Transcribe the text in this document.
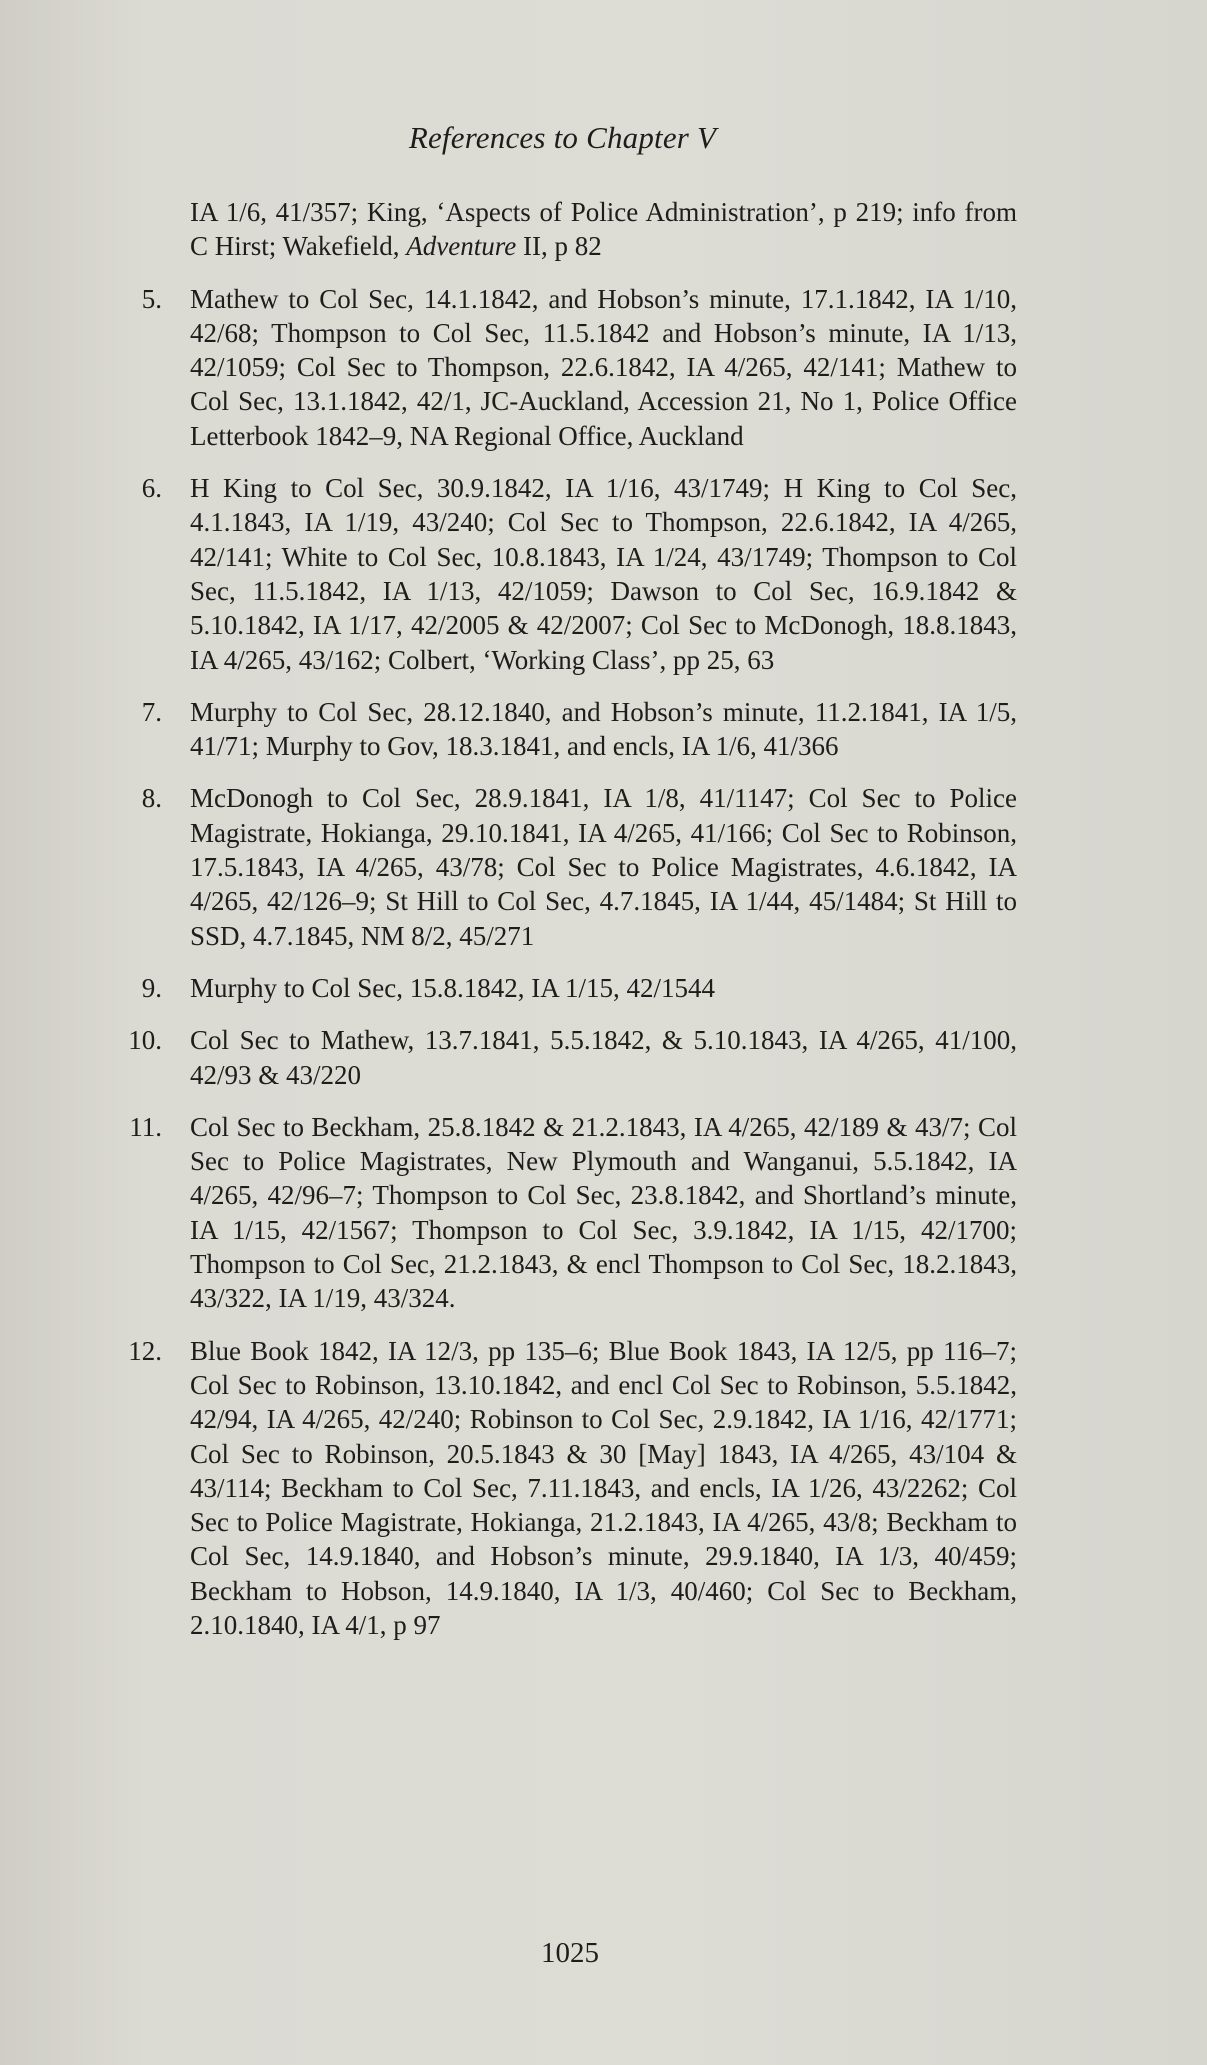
References to Chapter V
IA 1/6, 41/357; King, ‘Aspects of Police Administration’, p 219; info from C Hirst; Wakefield, Adventure II, p 82
5. Mathew to Col Sec, 14.1.1842, and Hobson’s minute, 17.1.1842, IA 1/10, 42/68; Thompson to Col Sec, 11.5.1842 and Hobson’s minute, IA 1/13, 42/1059; Col Sec to Thompson, 22.6.1842, IA 4/265, 42/141; Mathew to Col Sec, 13.1.1842, 42/1, JC-Auckland, Accession 21, No 1, Police Office Letterbook 1842–9, NA Regional Office, Auckland
6. H King to Col Sec, 30.9.1842, IA 1/16, 43/1749; H King to Col Sec, 4.1.1843, IA 1/19, 43/240; Col Sec to Thompson, 22.6.1842, IA 4/265, 42/141; White to Col Sec, 10.8.1843, IA 1/24, 43/1749; Thompson to Col Sec, 11.5.1842, IA 1/13, 42/1059; Dawson to Col Sec, 16.9.1842 & 5.10.1842, IA 1/17, 42/2005 & 42/2007; Col Sec to McDonogh, 18.8.1843, IA 4/265, 43/162; Colbert, ‘Working Class’, pp 25, 63
7. Murphy to Col Sec, 28.12.1840, and Hobson’s minute, 11.2.1841, IA 1/5, 41/71; Murphy to Gov, 18.3.1841, and encls, IA 1/6, 41/366
8. McDonogh to Col Sec, 28.9.1841, IA 1/8, 41/1147; Col Sec to Police Magistrate, Hokianga, 29.10.1841, IA 4/265, 41/166; Col Sec to Robinson, 17.5.1843, IA 4/265, 43/78; Col Sec to Police Magistrates, 4.6.1842, IA 4/265, 42/126–9; St Hill to Col Sec, 4.7.1845, IA 1/44, 45/1484; St Hill to SSD, 4.7.1845, NM 8/2, 45/271
9. Murphy to Col Sec, 15.8.1842, IA 1/15, 42/1544
10. Col Sec to Mathew, 13.7.1841, 5.5.1842, & 5.10.1843, IA 4/265, 41/100, 42/93 & 43/220
11. Col Sec to Beckham, 25.8.1842 & 21.2.1843, IA 4/265, 42/189 & 43/7; Col Sec to Police Magistrates, New Plymouth and Wanganui, 5.5.1842, IA 4/265, 42/96–7; Thompson to Col Sec, 23.8.1842, and Shortland’s minute, IA 1/15, 42/1567; Thompson to Col Sec, 3.9.1842, IA 1/15, 42/1700; Thompson to Col Sec, 21.2.1843, & encl Thompson to Col Sec, 18.2.1843, 43/322, IA 1/19, 43/324.
12. Blue Book 1842, IA 12/3, pp 135–6; Blue Book 1843, IA 12/5, pp 116–7; Col Sec to Robinson, 13.10.1842, and encl Col Sec to Robinson, 5.5.1842, 42/94, IA 4/265, 42/240; Robinson to Col Sec, 2.9.1842, IA 1/16, 42/1771; Col Sec to Robinson, 20.5.1843 & 30 [May] 1843, IA 4/265, 43/104 & 43/114; Beckham to Col Sec, 7.11.1843, and encls, IA 1/26, 43/2262; Col Sec to Police Magistrate, Hokianga, 21.2.1843, IA 4/265, 43/8; Beckham to Col Sec, 14.9.1840, and Hobson’s minute, 29.9.1840, IA 1/3, 40/459; Beckham to Hobson, 14.9.1840, IA 1/3, 40/460; Col Sec to Beckham, 2.10.1840, IA 4/1, p 97
1025
